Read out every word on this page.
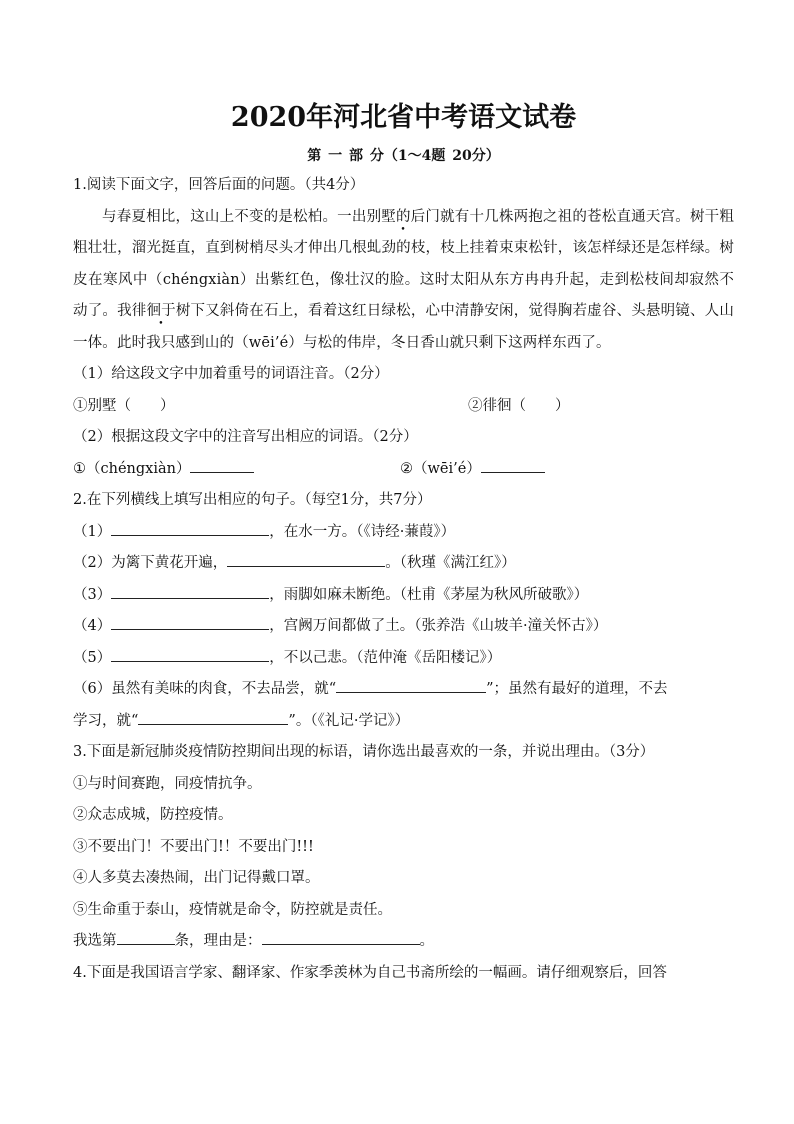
2020年河北省中考语文试卷
第 一 部 分（1～4题 20分）
1.阅读下面文字，回答后面的问题。（共4分）
与春夏相比，这山上不变的是松柏。一出别墅的后门就有十几株两抱之祖的苍松直通天宫。树干粗粗壮壮，溜光挺直，直到树梢尽头才伸出几根虬劲的枝，枝上挂着束束松针，该怎样绿还是怎样绿。树皮在寒风中（chéngxiàn）出紫红色，像壮汉的脸。这时太阳从东方冉冉升起，走到松枝间却寂然不动了。我徘徊于树下又斜倚在石上，看着这红日绿松，心中清静安闲，觉得胸若虚谷、头悬明镜、人山一体。此时我只感到山的（wēi’é）与松的伟岸，冬日香山就只剩下这两样东西了。
（1）给这段文字中加着重号的词语注音。（2分）
①别墅（　　）	②徘徊（　　）
（2）根据这段文字中的注音写出相应的词语。（2分）
①（chéngxiàn）	②（wēi’é）
2.在下列横线上填写出相应的句子。（每空1分，共7分）
（1）	，在水一方。（《诗经·蒹葭》）
（2）为篱下黄花开遍，	。（秋瑾《满江红》）
（3）	，雨脚如麻未断绝。（杜甫《茅屋为秋风所破歌》）
（4）	，宫阙万间都做了土。（张养浩《山坡羊·潼关怀古》）
（5）	，不以己悲。（范仲淹《岳阳楼记》）
（6）虽然有美味的肉食，不去品尝，就“	”；虽然有最好的道理，不去
学习，就“	”。（《礼记·学记》）
3.下面是新冠肺炎疫情防控期间出现的标语，请你选出最喜欢的一条，并说出理由。（3分）
①与时间赛跑，同疫情抗争。
②众志成城，防控疫情。
③不要出门！不要出门!！不要出门!!!
④人多莫去凑热闹，出门记得戴口罩。
⑤生命重于泰山，疫情就是命令，防控就是责任。
我选第	条，理由是：	。
4.下面是我国语言学家、翻译家、作家季羡林为自己书斋所绘的一幅画。请仔细观察后，回答
